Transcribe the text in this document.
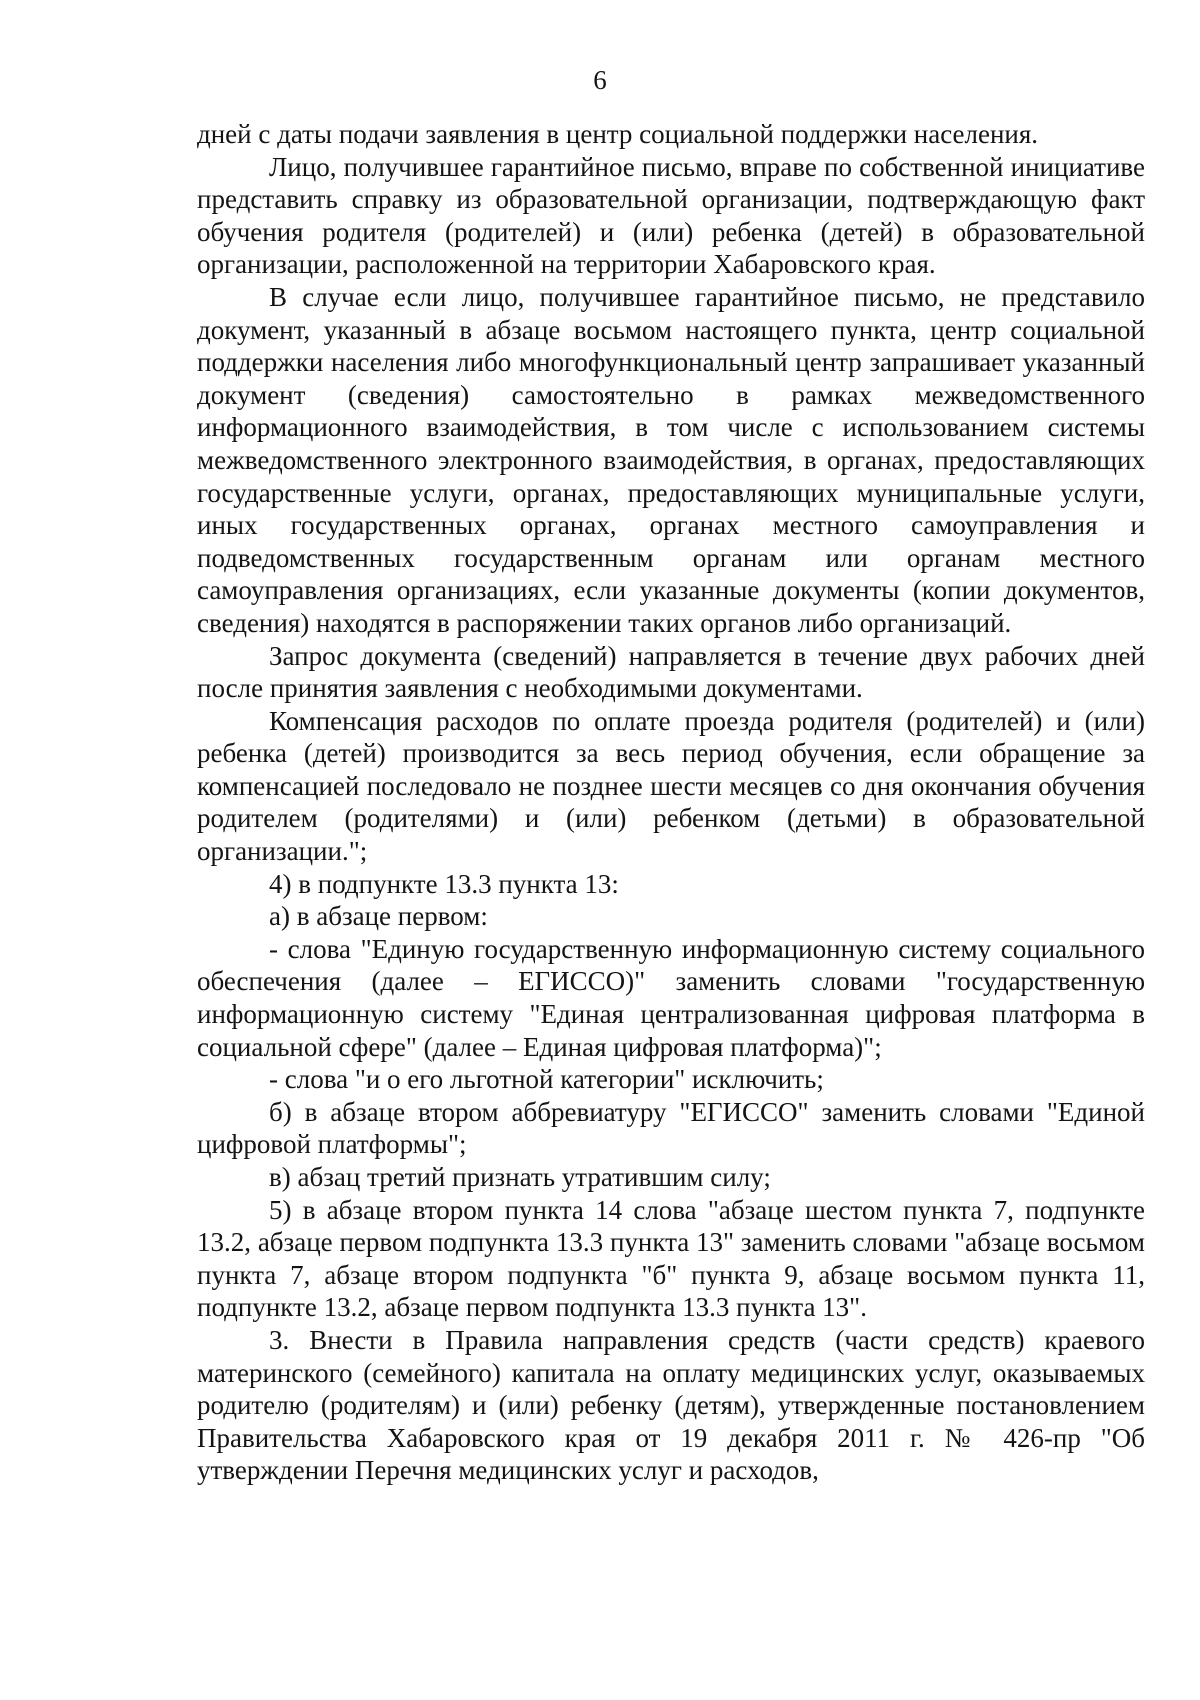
6

дней с даты подачи заявления в центр социальной поддержки населения.

Лицо, получившее гарантийное письмо, вправе по собственной инициативе представить справку из образовательной организации, подтверждающую факт обучения родителя (родителей) и (или) ребенка (детей) в образовательной организации, расположенной на территории Хабаровского края.

В случае если лицо, получившее гарантийное письмо, не представило документ, указанный в абзаце восьмом настоящего пункта, центр социальной поддержки населения либо многофункциональный центр запрашивает указанный документ (сведения) самостоятельно в рамках межведомственного информационного взаимодействия, в том числе с использованием системы межведомственного электронного взаимодействия, в органах, предоставляющих государственные услуги, органах, предоставляющих муниципальные услуги, иных государственных органах, органах местного самоуправления и подведомственных государственным органам или органам местного самоуправления организациях, если указанные документы (копии документов, сведения) находятся в распоряжении таких органов либо организаций.

Запрос документа (сведений) направляется в течение двух рабочих дней после принятия заявления с необходимыми документами.

Компенсация расходов по оплате проезда родителя (родителей) и (или) ребенка (детей) производится за весь период обучения, если обращение за компенсацией последовало не позднее шести месяцев со дня окончания обучения родителем (родителями) и (или) ребенком (детьми) в образовательной организации.";

4) в подпункте 13.3 пункта 13:

а) в абзаце первом:

- слова "Единую государственную информационную систему социального обеспечения (далее – ЕГИССО)" заменить словами "государственную информационную систему "Единая централизованная цифровая платформа в социальной сфере" (далее – Единая цифровая платформа)";

- слова "и о его льготной категории" исключить;

б) в абзаце втором аббревиатуру "ЕГИССО" заменить словами "Единой цифровой платформы";

в) абзац третий признать утратившим силу;

5) в абзаце втором пункта 14 слова "абзаце шестом пункта 7, подпункте 13.2, абзаце первом подпункта 13.3 пункта 13" заменить словами "абзаце восьмом пункта 7, абзаце втором подпункта "б" пункта 9, абзаце восьмом пункта 11, подпункте 13.2, абзаце первом подпункта 13.3 пункта 13".

3. Внести в Правила направления средств (части средств) краевого материнского (семейного) капитала на оплату медицинских услуг, оказываемых родителю (родителям) и (или) ребенку (детям), утвержденные постановлением Правительства Хабаровского края от 19 декабря 2011 г. № 426-пр "Об утверждении Перечня медицинских услуг и расходов,
